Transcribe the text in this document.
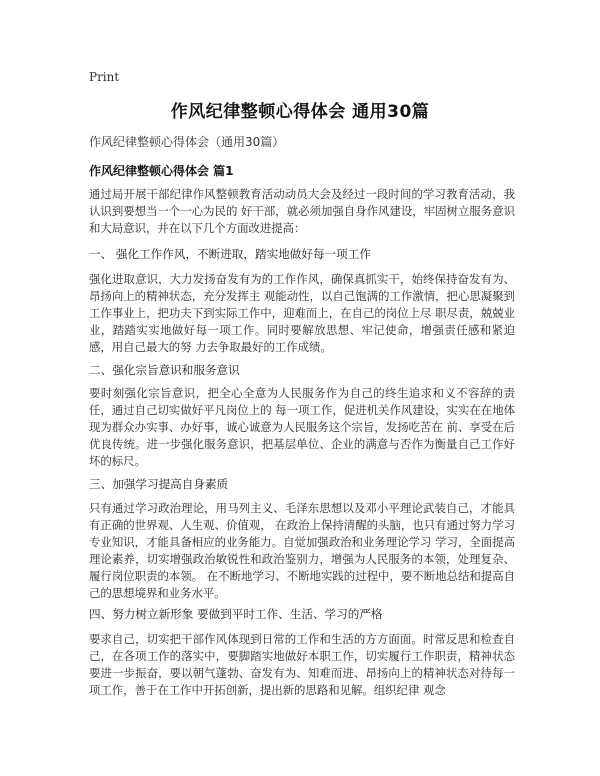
Print
作风纪律整顿心得体会 通用30篇
作风纪律整顿心得体会（通用30篇）
作风纪律整顿心得体会 篇1

通过局开展干部纪律作风整顿教育活动动员大会及经过一段时间的学习教育活动，我认识到要想当一个一心为民的 好干部，就必须加强自身作风建设，牢固树立服务意识和大局意识，并在以下几个方面改进提高：

一、 强化工作作风，不断进取，踏实地做好每一项工作

强化进取意识，大力发扬奋发有为的工作作风，确保真抓实干，始终保持奋发有为、昂扬向上的精神状态，充分发挥主 观能动性，以自己饱满的工作激情，把心思凝聚到工作事业上，把功夫下到实际工作中，迎难而上，在自己的岗位上尽 职尽责，兢兢业业，踏踏实实地做好每一项工作。同时要解放思想、牢记使命，增强责任感和紧迫感，用自己最大的努 力去争取最好的工作成绩。

二、强化宗旨意识和服务意识

要时刻强化宗旨意识，把全心全意为人民服务作为自己的终生追求和义不容辞的责任，通过自己切实做好平凡岗位上的 每一项工作，促进机关作风建设，实实在在地体现为群众办实事、办好事，诚心诚意为人民服务这个宗旨，发扬吃苦在 前、享受在后优良传统。进一步强化服务意识，把基层单位、企业的满意与否作为衡量自己工作好坏的标尺。

三、加强学习提高自身素质

只有通过学习政治理论，用马列主义、毛泽东思想以及邓小平理论武装自己，才能具有正确的世界观、人生观、价值观， 在政治上保持清醒的头脑，也只有通过努力学习专业知识，才能具备相应的业务能力。自觉加强政治和业务理论学习 学习，全面提高理论素养，切实增强政治敏锐性和政治鉴别力，增强为人民服务的本领，处理复杂、履行岗位职责的本领。 在不断地学习、不断地实践的过程中，要不断地总结和提高自己的思想境界和业务水平。

四、努力树立新形象 要做到平时工作、生活、学习的严格

要求自己，切实把干部作风体现到日常的工作和生活的方方面面。时常反思和检查自己，在各项工作的落实中，要脚踏实地做好本职工作，切实履行工作职责，精神状态要进一步振奋，要以朝气蓬勃、奋发有为、知难而进、昂扬向上的精神状态对待每一项工作，善于在工作中开拓创新，提出新的思路和见解。组织纪律 观念
